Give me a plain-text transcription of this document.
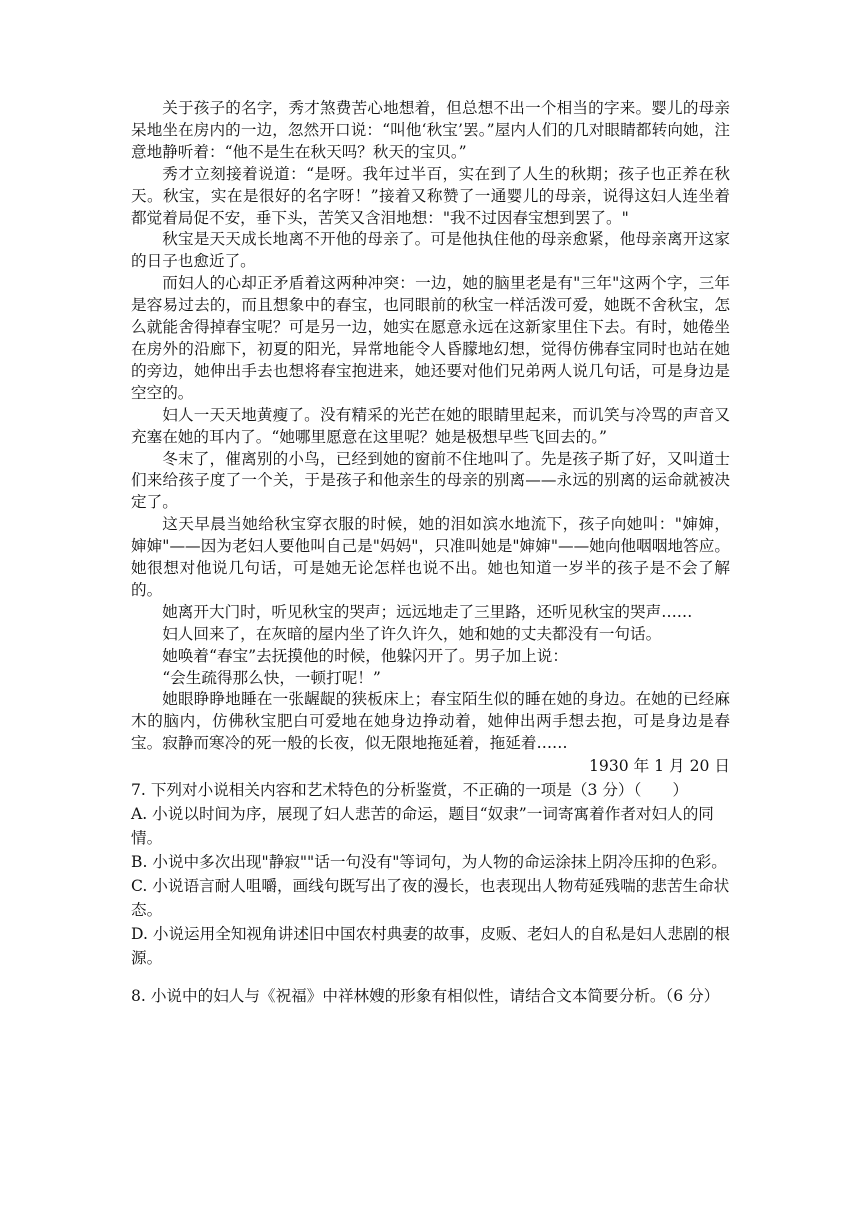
关于孩子的名字，秀才煞费苦心地想着，但总想不出一个相当的字来。婴儿的母亲呆地坐在房内的一边，忽然开口说：“叫他‘秋宝’罢。”屋内人们的几对眼睛都转向她，注意地静听着：“他不是生在秋天吗？秋天的宝贝。”

秀才立刻接着说道：“是呀。我年过半百，实在到了人生的秋期；孩子也正养在秋天。秋宝，实在是很好的名字呀！”接着又称赞了一通婴儿的母亲，说得这妇人连坐着都觉着局促不安，垂下头，苦笑又含泪地想："我不过因春宝想到罢了。"

秋宝是天天成长地离不开他的母亲了。可是他执住他的母亲愈紧，他母亲离开这家的日子也愈近了。

而妇人的心却正矛盾着这两种冲突：一边，她的脑里老是有"三年"这两个字，三年是容易过去的，而且想象中的春宝，也同眼前的秋宝一样活泼可爱，她既不舍秋宝，怎么就能舍得掉春宝呢？可是另一边，她实在愿意永远在这新家里住下去。有时，她倦坐在房外的沿廊下，初夏的阳光，异常地能令人昏朦地幻想，觉得仿佛春宝同时也站在她的旁边，她伸出手去也想将春宝抱进来，她还要对他们兄弟两人说几句话，可是身边是空空的。

妇人一天天地黄瘦了。没有精采的光芒在她的眼睛里起来，而讥笑与冷骂的声音又充塞在她的耳内了。“她哪里愿意在这里呢？她是极想早些飞回去的。”

冬末了，催离别的小鸟，已经到她的窗前不住地叫了。先是孩子斯了好，又叫道士们来给孩子度了一个关，于是孩子和他亲生的母亲的别离——永远的别离的运命就被决定了。

这天早晨当她给秋宝穿衣服的时候，她的泪如滨水地流下，孩子向她叫："婶婶，婶婶"——因为老妇人要他叫自己是"妈妈"，只准叫她是"婶婶"——她向他咽咽地答应。她很想对他说几句话，可是她无论怎样也说不出。她也知道一岁半的孩子是不会了解的。

她离开大门时，听见秋宝的哭声；远远地走了三里路，还听见秋宝的哭声……

妇人回来了，在灰暗的屋内坐了许久许久，她和她的丈夫都没有一句话。

她唤着“春宝”去抚摸他的时候，他躲闪开了。男子加上说：

“会生疏得那么快，一顿打呢！”

她眼睁睁地睡在一张龌龊的狭板床上；春宝陌生似的睡在她的身边。在她的已经麻木的脑内，仿佛秋宝肥白可爱地在她身边挣动着，她伸出两手想去抱，可是身边是春宝。寂静而寒冷的死一般的长夜，似无限地拖延着，拖延着……

1930 年 1 月 20 日

7. 下列对小说相关内容和艺术特色的分析鉴赏，不正确的一项是（3 分）（　　）

A. 小说以时间为序，展现了妇人悲苦的命运，题目“奴隶”一词寄寓着作者对妇人的同情。

B. 小说中多次出现"静寂""话一句没有"等词句，为人物的命运涂抹上阴冷压抑的色彩。

C. 小说语言耐人咀嚼，画线句既写出了夜的漫长，也表现出人物苟延残喘的悲苦生命状态。

D. 小说运用全知视角讲述旧中国农村典妻的故事，皮贩、老妇人的自私是妇人悲剧的根源。

8. 小说中的妇人与《祝福》中祥林嫂的形象有相似性，请结合文本简要分析。（6 分）
